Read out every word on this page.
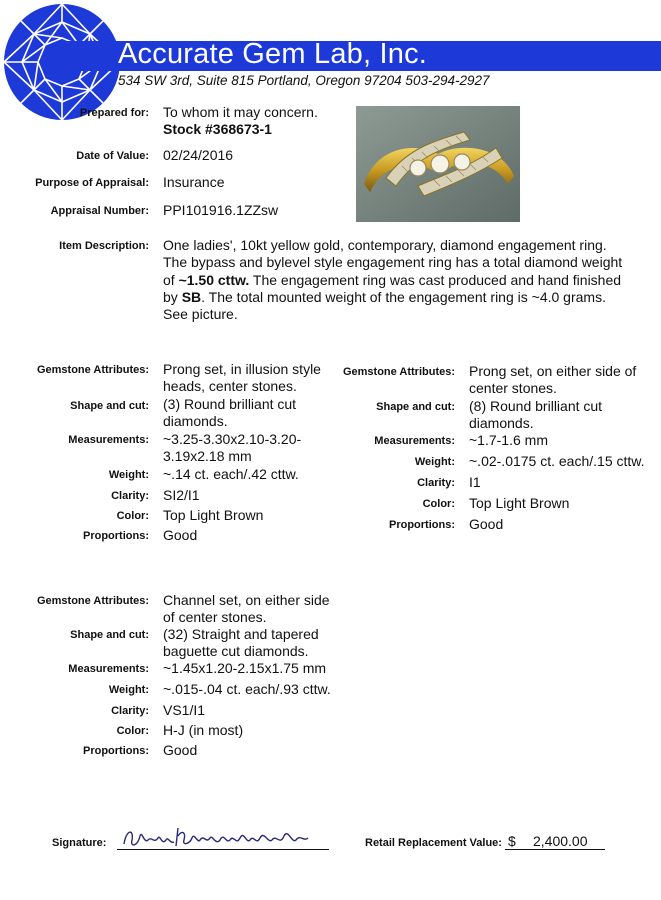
Accurate Gem Lab, Inc.
534 SW 3rd, Suite 815 Portland, Oregon 97204 503-294-2927
Prepared for: To whom it may concern.
Stock #368673-1
Date of Value: 02/24/2016
Purpose of Appraisal: Insurance
Appraisal Number: PPI101916.1ZZsw
Item Description: One ladies', 10kt yellow gold, contemporary, diamond engagement ring. The bypass and bylevel style engagement ring has a total diamond weight of ~1.50 cttw. The engagement ring was cast produced and hand finished by SB. The total mounted weight of the engagement ring is ~4.0 grams. See picture.
Gemstone Attributes: Prong set, in illusion style heads, center stones.
Shape and cut: (3) Round brilliant cut diamonds.
Measurements: ~3.25-3.30x2.10-3.20-3.19x2.18 mm
Weight: ~.14 ct. each/.42 cttw.
Clarity: SI2/I1
Color: Top Light Brown
Proportions: Good
Gemstone Attributes: Prong set, on either side of center stones.
Shape and cut: (8) Round brilliant cut diamonds.
Measurements: ~1.7-1.6 mm
Weight: ~.02-.0175 ct. each/.15 cttw.
Clarity: I1
Color: Top Light Brown
Proportions: Good
Gemstone Attributes: Channel set, on either side of center stones.
Shape and cut: (32) Straight and tapered baguette cut diamonds.
Measurements: ~1.45x1.20-2.15x1.75 mm
Weight: ~.015-.04 ct. each/.93 cttw.
Clarity: VS1/I1
Color: H-J (in most)
Proportions: Good
Signature:	Retail Replacement Value: $ 2,400.00
